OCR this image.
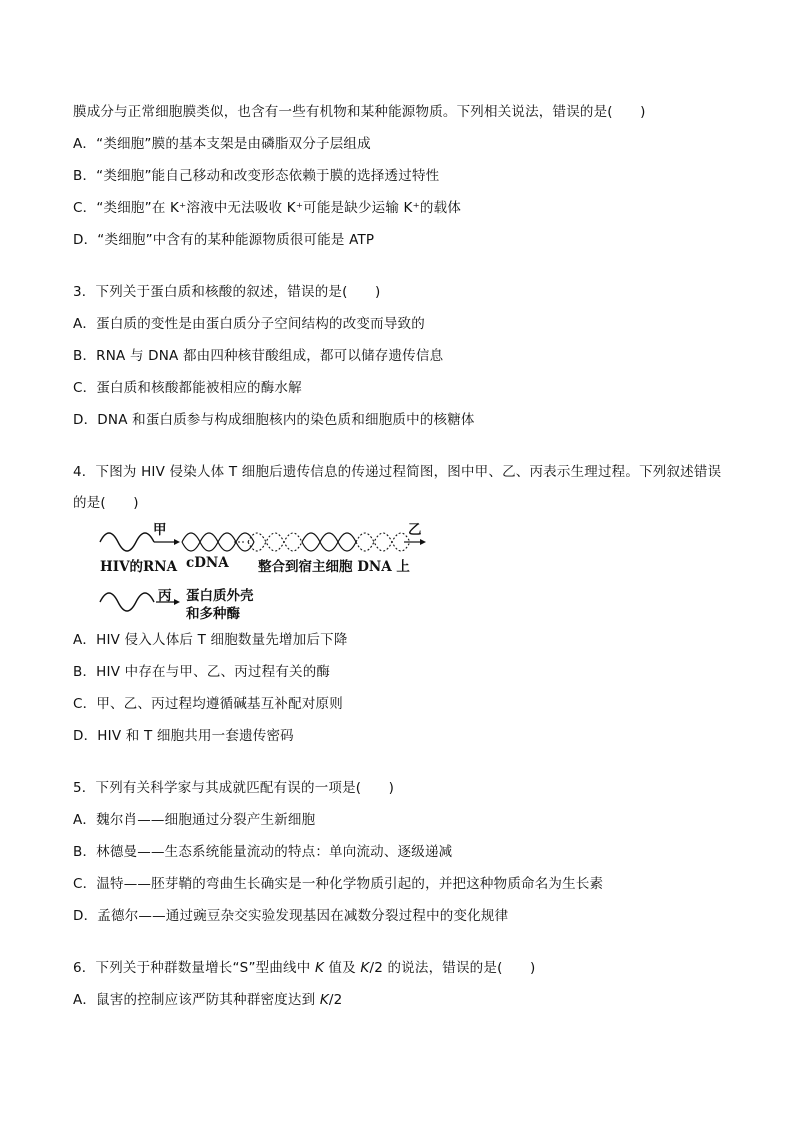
膜成分与正常细胞膜类似，也含有一些有机物和某种能源物质。下列相关说法，错误的是(　　)
A．“类细胞”膜的基本支架是由磷脂双分子层组成
B．“类细胞”能自己移动和改变形态依赖于膜的选择透过特性
C．“类细胞”在 K⁺溶液中无法吸收 K⁺可能是缺少运输 K⁺的载体
D．“类细胞”中含有的某种能源物质很可能是 ATP
3．下列关于蛋白质和核酸的叙述，错误的是(　　)
A．蛋白质的变性是由蛋白质分子空间结构的改变而导致的
B．RNA 与 DNA 都由四种核苷酸组成，都可以储存遗传信息
C．蛋白质和核酸都能被相应的酶水解
D．DNA 和蛋白质参与构成细胞核内的染色质和细胞质中的核糖体
4．下图为 HIV 侵染人体 T 细胞后遗传信息的传递过程简图，图中甲、乙、丙表示生理过程。下列叙述错误
的是(　　)
甲	乙
HIV的RNA cDNA 整合到宿主细胞 DNA 上
丙 蛋白质外壳
和多种酶
A．HIV 侵入人体后 T 细胞数量先增加后下降
B．HIV 中存在与甲、乙、丙过程有关的酶
C．甲、乙、丙过程均遵循碱基互补配对原则
D．HIV 和 T 细胞共用一套遗传密码
5．下列有关科学家与其成就匹配有误的一项是(　　)
A．魏尔肖——细胞通过分裂产生新细胞
B．林德曼——生态系统能量流动的特点：单向流动、逐级递减
C．温特——胚芽鞘的弯曲生长确实是一种化学物质引起的，并把这种物质命名为生长素
D．孟德尔——通过豌豆杂交实验发现基因在减数分裂过程中的变化规律
6．下列关于种群数量增长“S”型曲线中 K 值及 K/2 的说法，错误的是(　　)
A．鼠害的控制应该严防其种群密度达到 K/2
